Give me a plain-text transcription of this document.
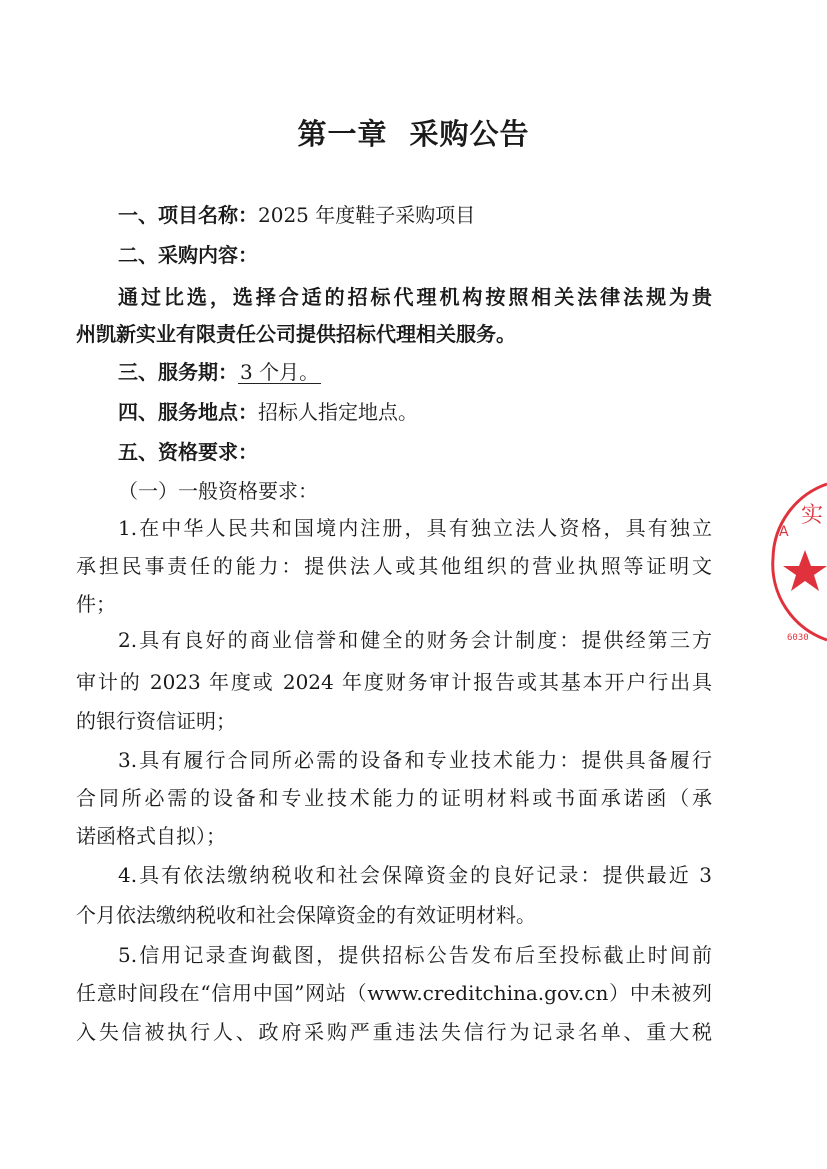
第一章 采购公告
一、项目名称：2025 年度鞋子采购项目
二、采购内容：
通过比选，选择合适的招标代理机构按照相关法律法规为贵
州凯新实业有限责任公司提供招标代理相关服务。
三、服务期： 3 个月。
四、服务地点：招标人指定地点。
五、资格要求：
（一）一般资格要求：
1.在中华人民共和国境内注册，具有独立法人资格，具有独立
承担民事责任的能力：提供法人或其他组织的营业执照等证明文
件；
2.具有良好的商业信誉和健全的财务会计制度：提供经第三方
审计的 2023 年度或 2024 年度财务审计报告或其基本开户行出具
的银行资信证明；
3.具有履行合同所必需的设备和专业技术能力：提供具备履行
合同所必需的设备和专业技术能力的证明材料或书面承诺函（承
诺函格式自拟）；
4.具有依法缴纳税收和社会保障资金的良好记录：提供最近 3
个月依法缴纳税收和社会保障资金的有效证明材料。
5.信用记录查询截图，提供招标公告发布后至投标截止时间前
任意时间段在“信用中国”网站（www.creditchina.gov.cn）中未被列
入失信被执行人、政府采购严重违法失信行为记录名单、重大税
实
A
6030
